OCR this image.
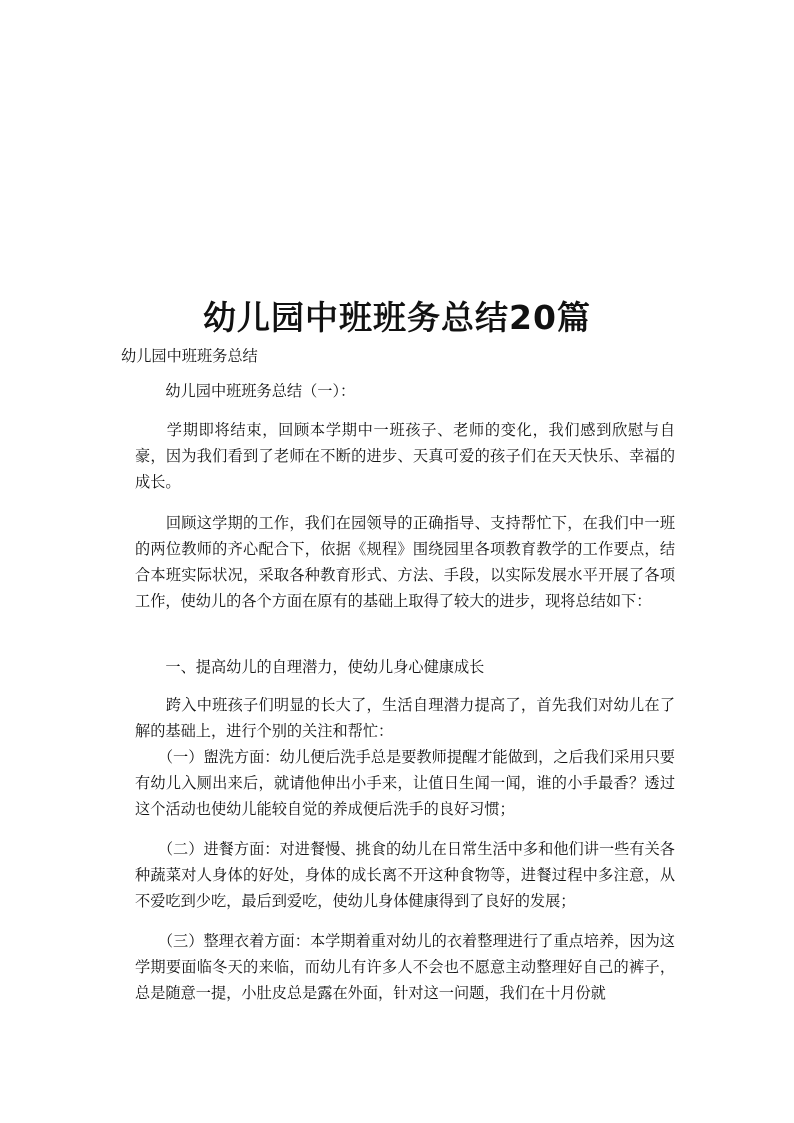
幼儿园中班班务总结20篇
幼儿园中班班务总结

　　幼儿园中班班务总结（一）：

　　学期即将结束，回顾本学期中一班孩子、老师的变化，我们感到欣慰与自豪，因为我们看到了老师在不断的进步、天真可爱的孩子们在天天快乐、幸福的成长。

　　回顾这学期的工作，我们在园领导的正确指导、支持帮忙下，在我们中一班的两位教师的齐心配合下，依据《规程》围绕园里各项教育教学的工作要点，结合本班实际状况，采取各种教育形式、方法、手段，以实际发展水平开展了各项工作，使幼儿的各个方面在原有的基础上取得了较大的进步，现将总结如下：

　　一、提高幼儿的自理潜力，使幼儿身心健康成长

　　跨入中班孩子们明显的长大了，生活自理潜力提高了，首先我们对幼儿在了解的基础上，进行个别的关注和帮忙：

　　（一）盥洗方面：幼儿便后洗手总是要教师提醒才能做到，之后我们采用只要有幼儿入厕出来后，就请他伸出小手来，让值日生闻一闻，谁的小手最香？透过这个活动也使幼儿能较自觉的养成便后洗手的良好习惯；

　　（二）进餐方面：对进餐慢、挑食的幼儿在日常生活中多和他们讲一些有关各种蔬菜对人身体的好处，身体的成长离不开这种食物等，进餐过程中多注意，从不爱吃到少吃，最后到爱吃，使幼儿身体健康得到了良好的发展；

　　（三）整理衣着方面：本学期着重对幼儿的衣着整理进行了重点培养，因为这学期要面临冬天的来临，而幼儿有许多人不会也不愿意主动整理好自己的裤子，总是随意一提，小肚皮总是露在外面，针对这一问题，我们在十月份就
